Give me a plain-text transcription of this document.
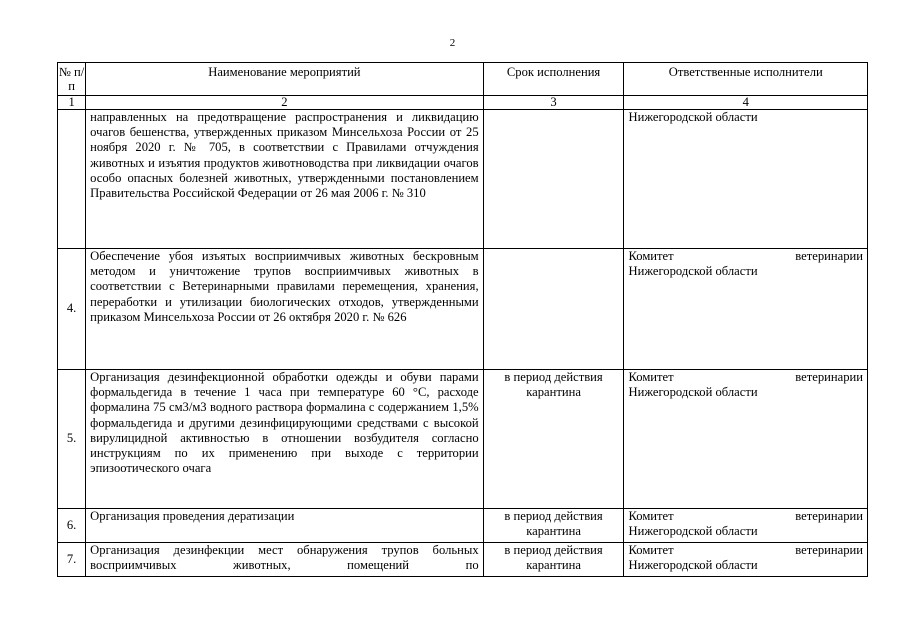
2
№ п/п	Наименование мероприятий	Срок исполнения	Ответственные исполнители
1	2	3	4
	направленных на предотвращение распространения и ликвидацию очагов бешенства, утвержденных приказом Минсельхоза России от 25 ноября 2020 г. № 705, в соответствии с Правилами отчуждения животных и изъятия продуктов животноводства при ликвидации очагов особо опасных болезней животных, утвержденными постановлением Правительства Российской Федерации от 26 мая 2006 г. № 310		Нижегородской области

4.	Обеспечение убоя изъятых восприимчивых животных бескровным методом и уничтожение трупов восприимчивых животных в соответствии с Ветеринарными правилами перемещения, хранения, переработки и утилизации биологических отходов, утвержденными приказом Минсельхоза России от 26 октября 2020 г. № 626		Комитет ветеринарии
Нижегородской области

5.	Организация дезинфекционной обработки одежды и обуви парами формальдегида в течение 1 часа при температуре 60 °С, расходе формалина 75 см3/м3 водного раствора формалина с содержанием 1,5% формальдегида и другими дезинфицирующими средствами с высокой вирулицидной активностью в отношении возбудителя согласно инструкциям по их применению при выходе с территории эпизоотического очага	в период действия карантина	Комитет ветеринарии
Нижегородской области

6.	Организация проведения дератизации	в период действия карантина	Комитет ветеринарии
Нижегородской области

7.	Организация дезинфекции мест обнаружения трупов больных восприимчивых животных, помещений по	в период действия карантина	Комитет ветеринарии
Нижегородской области
